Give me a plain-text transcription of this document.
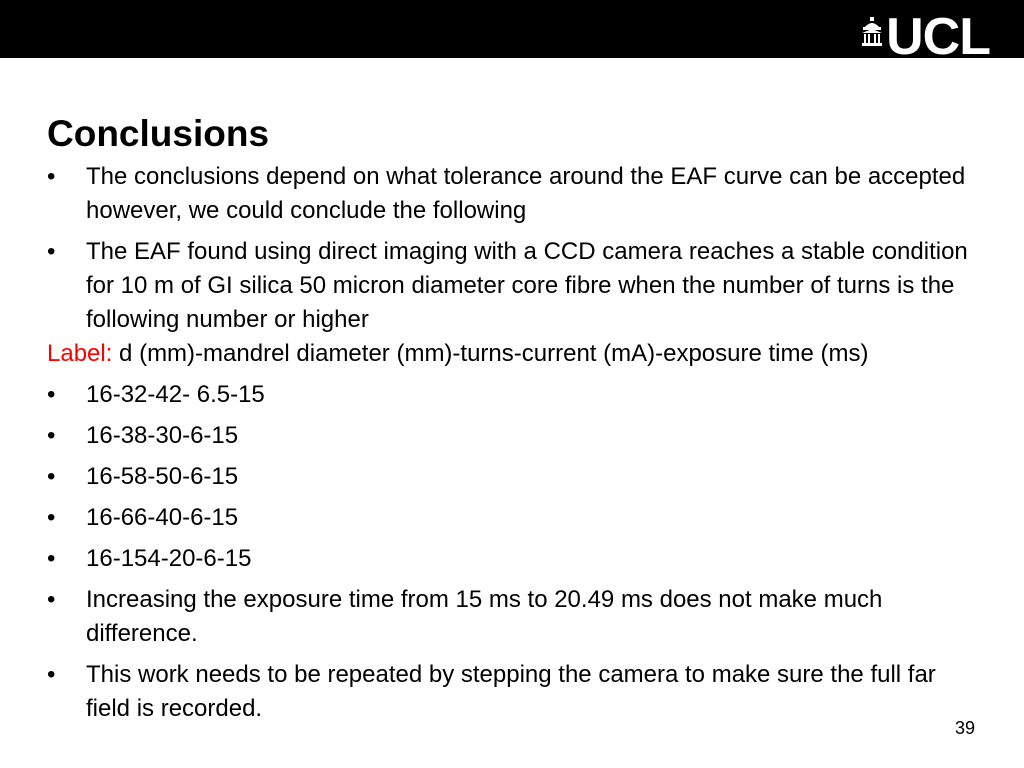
UCL
Conclusions
• The conclusions depend on what tolerance around the EAF curve can be accepted however, we could conclude the following
• The EAF found using direct imaging with a CCD camera reaches a stable condition for 10 m of GI silica 50 micron diameter core fibre when the number of turns is the following number or higher
Label: d (mm)-mandrel diameter (mm)-turns-current (mA)-exposure time (ms)
• 16-32-42- 6.5-15
• 16-38-30-6-15
• 16-58-50-6-15
• 16-66-40-6-15
• 16-154-20-6-15
• Increasing the exposure time from 15 ms to 20.49 ms does not make much difference.
• This work needs to be repeated by stepping the camera to make sure the full far field is recorded.
39
